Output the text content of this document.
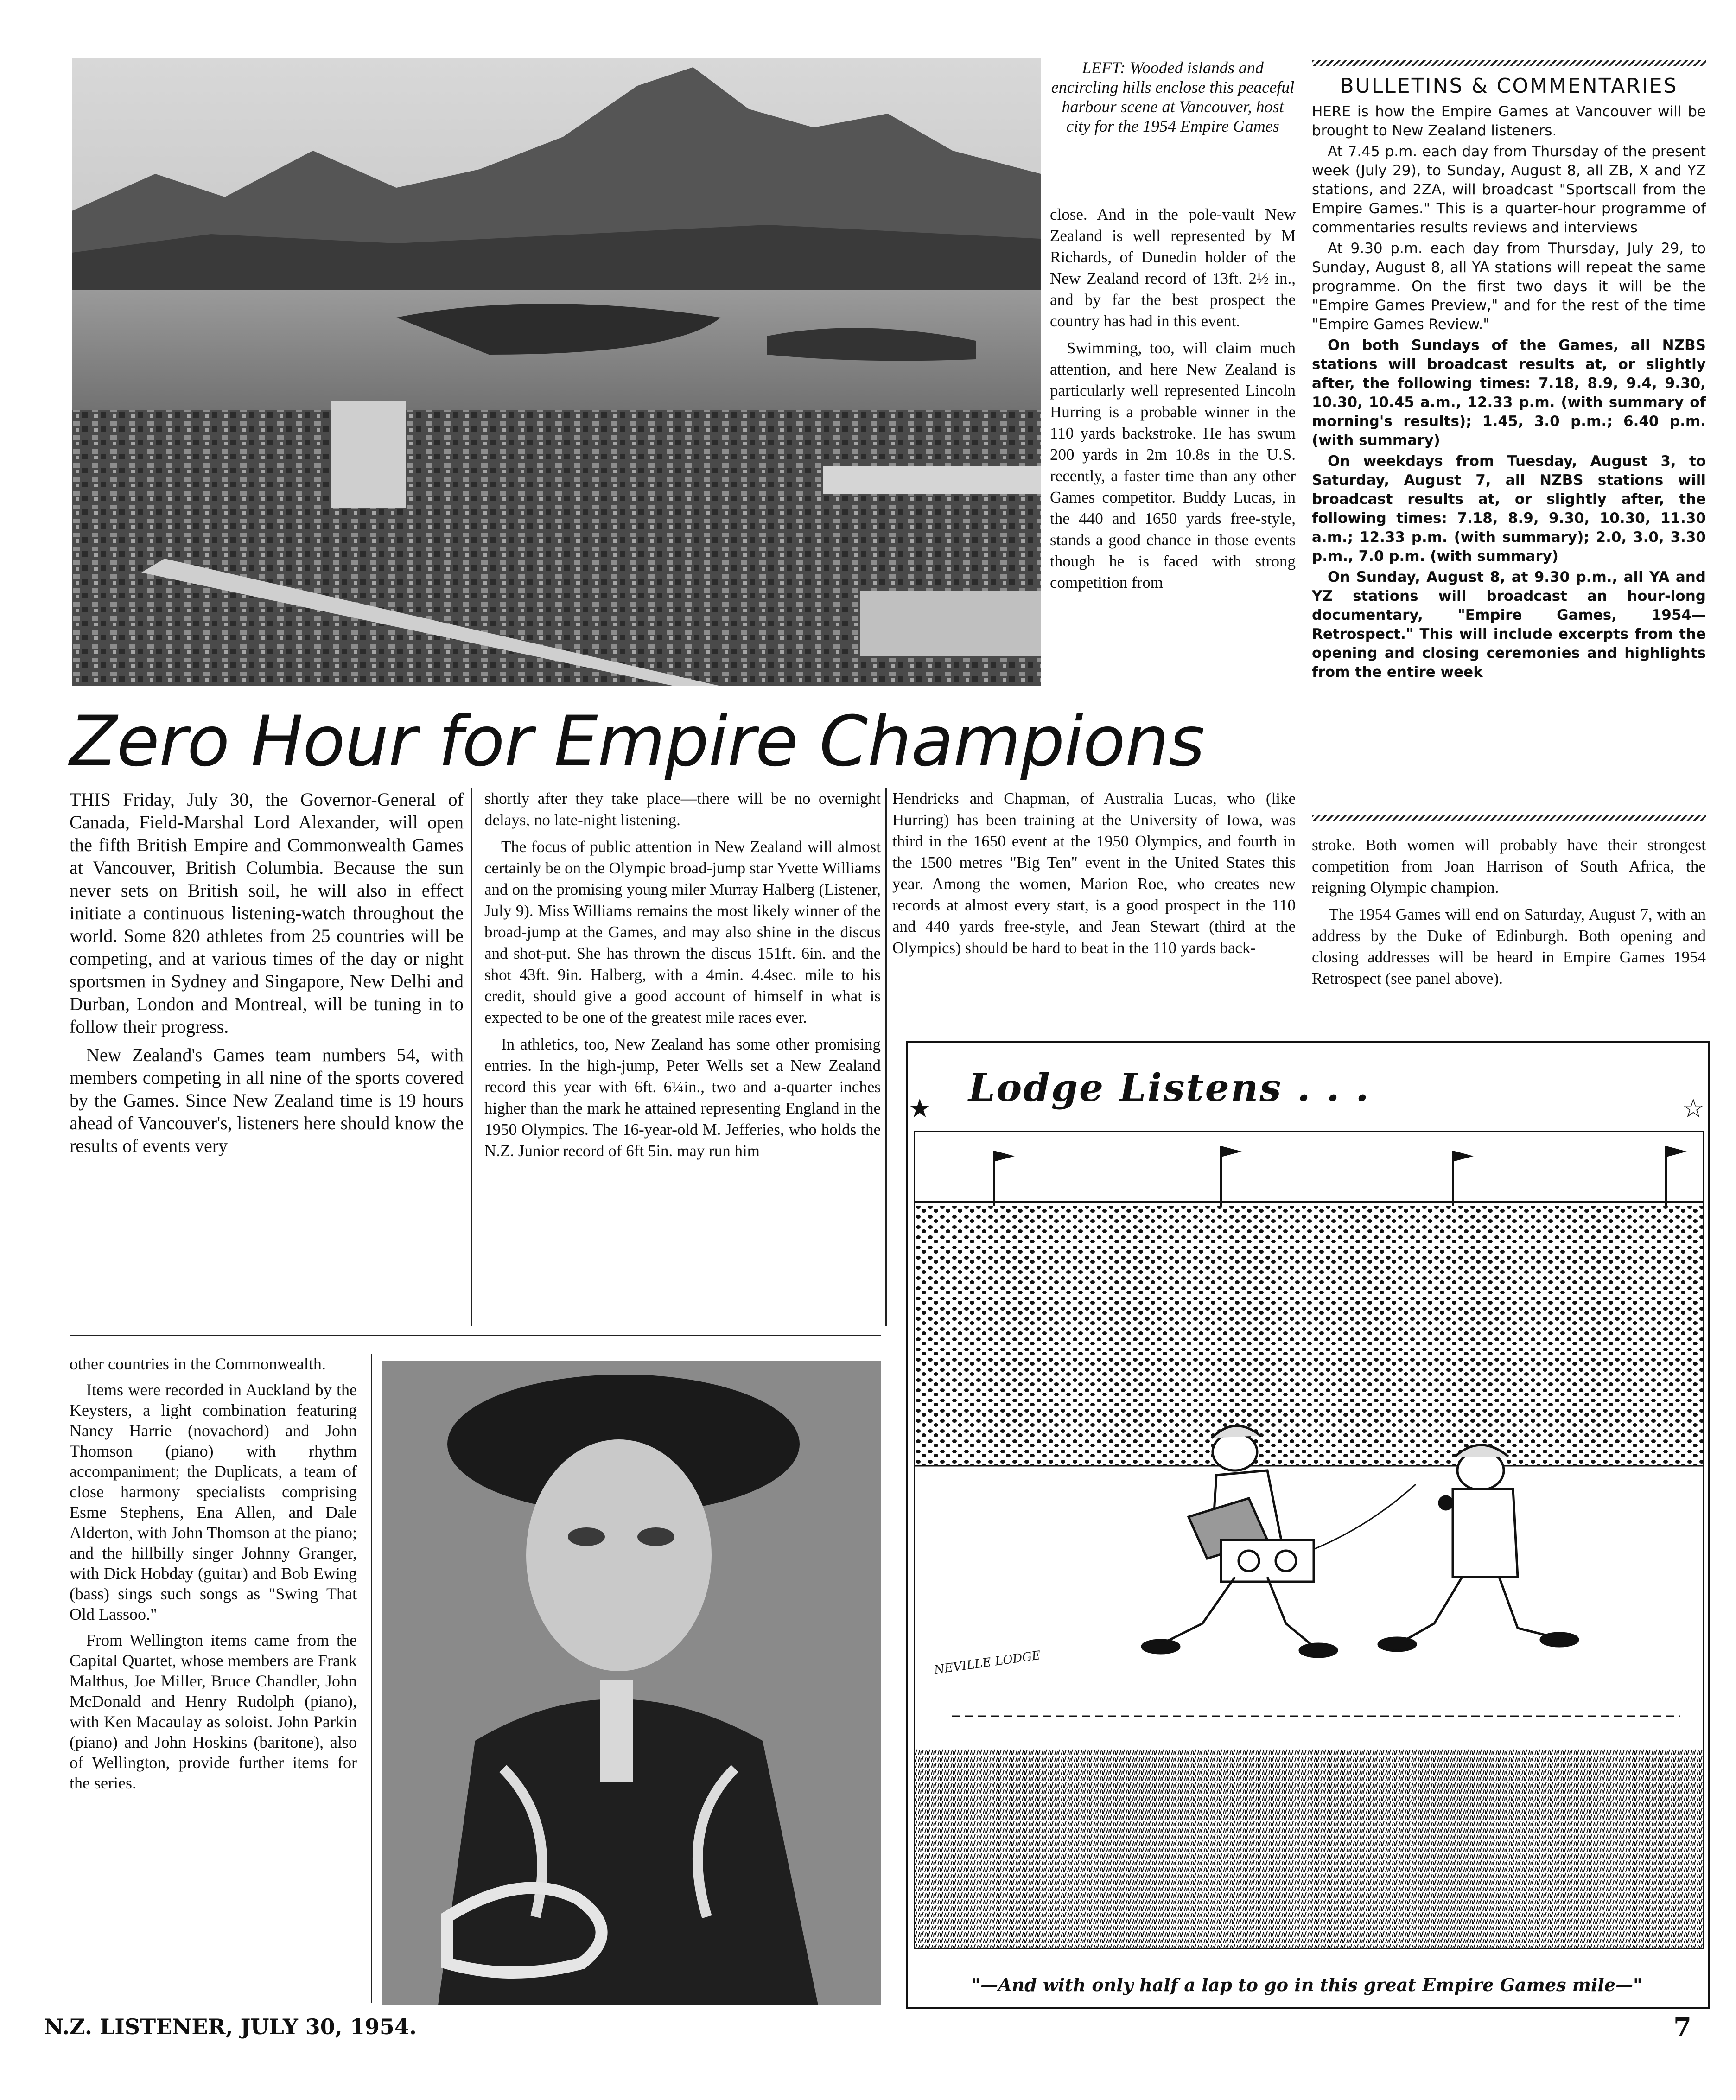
LEFT: Wooded islands and encircling hills enclose this peaceful harbour scene at Vancouver, host city for the 1954 Empire Games

close. And in the pole-vault New Zealand is well represented by M Richards, of Dunedin holder of the New Zealand record of 13ft. 2½ in., and by far the best prospect the country has had in this event.

Swimming, too, will claim much attention, and here New Zealand is particularly well represented Lincoln Hurring is a probable winner in the 110 yards backstroke. He has swum 200 yards in 2m 10.8s in the U.S. recently, a faster time than any other Games competitor. Buddy Lucas, in the 440 and 1650 yards free-style, stands a good chance in those events though he is faced with strong competition from

BULLETINS & COMMENTARIES

HERE is how the Empire Games at Vancouver will be brought to New Zealand listeners.

At 7.45 p.m. each day from Thursday of the present week (July 29), to Sunday, August 8, all ZB, X and YZ stations, and 2ZA, will broadcast "Sportscall from the Empire Games." This is a quarter-hour programme of commentaries results reviews and interviews

At 9.30 p.m. each day from Thursday, July 29, to Sunday, August 8, all YA stations will repeat the same programme. On the first two days it will be the "Empire Games Preview," and for the rest of the time "Empire Games Review."

On both Sundays of the Games, all NZBS stations will broadcast results at, or slightly after, the following times: 7.18, 8.9, 9.4, 9.30, 10.30, 10.45 a.m., 12.33 p.m. (with summary of morning's results); 1.45, 3.0 p.m.; 6.40 p.m. (with summary)

On weekdays from Tuesday, August 3, to Saturday, August 7, all NZBS stations will broadcast results at, or slightly after, the following times: 7.18, 8.9, 9.30, 10.30, 11.30 a.m.; 12.33 p.m. (with summary); 2.0, 3.0, 3.30 p.m., 7.0 p.m. (with summary)

On Sunday, August 8, at 9.30 p.m., all YA and YZ stations will broadcast an hour-long documentary, "Empire Games, 1954—Retrospect." This will include excerpts from the opening and closing ceremonies and highlights from the entire week

Zero Hour for Empire Champions

THIS Friday, July 30, the Governor-General of Canada, Field-Marshal Lord Alexander, will open the fifth British Empire and Commonwealth Games at Vancouver, British Columbia. Because the sun never sets on British soil, he will also in effect initiate a continuous listening-watch throughout the world. Some 820 athletes from 25 countries will be competing, and at various times of the day or night sportsmen in Sydney and Singapore, New Delhi and Durban, London and Montreal, will be tuning in to follow their progress.

New Zealand's Games team numbers 54, with members competing in all nine of the sports covered by the Games. Since New Zealand time is 19 hours ahead of Vancouver's, listeners here should know the results of events very

shortly after they take place—there will be no overnight delays, no late-night listening.

The focus of public attention in New Zealand will almost certainly be on the Olympic broad-jump star Yvette Williams and on the promising young miler Murray Halberg (Listener, July 9). Miss Williams remains the most likely winner of the broad-jump at the Games, and may also shine in the discus and shot-put. She has thrown the discus 151ft. 6in. and the shot 43ft. 9in. Halberg, with a 4min. 4.4sec. mile to his credit, should give a good account of himself in what is expected to be one of the greatest mile races ever.

In athletics, too, New Zealand has some other promising entries. In the high-jump, Peter Wells set a New Zealand record this year with 6ft. 6¼in., two and a-quarter inches higher than the mark he attained representing England in the 1950 Olympics. The 16-year-old M. Jefferies, who holds the N.Z. Junior record of 6ft 5in. may run him

Hendricks and Chapman, of Australia Lucas, who (like Hurring) has been training at the University of Iowa, was third in the 1650 event at the 1950 Olympics, and fourth in the 1500 metres "Big Ten" event in the United States this year. Among the women, Marion Roe, who creates new records at almost every start, is a good prospect in the 110 and 440 yards free-style, and Jean Stewart (third at the Olympics) should be hard to beat in the 110 yards back-

stroke. Both women will probably have their strongest competition from Joan Harrison of South Africa, the reigning Olympic champion.

The 1954 Games will end on Saturday, August 7, with an address by the Duke of Edinburgh. Both opening and closing addresses will be heard in Empire Games 1954 Retrospect (see panel above).

other countries in the Commonwealth.

Items were recorded in Auckland by the Keysters, a light combination featuring Nancy Harrie (novachord) and John Thomson (piano) with rhythm accompaniment; the Duplicats, a team of close harmony specialists comprising Esme Stephens, Ena Allen, and Dale Alderton, with John Thomson at the piano; and the hillbilly singer Johnny Granger, with Dick Hobday (guitar) and Bob Ewing (bass) sings such songs as "Swing That Old Lassoo."

From Wellington items came from the Capital Quartet, whose members are Frank Malthus, Joe Miller, Bruce Chandler, John McDonald and Henry Rudolph (piano), with Ken Macaulay as soloist. John Parkin (piano) and John Hoskins (baritone), also of Wellington, provide further items for the series.

Lodge Listens . . .
★	☆
NEVILLE LODGE
"—And with only half a lap to go in this great Empire Games mile—"
N.Z. LISTENER, JULY 30, 1954.	7
